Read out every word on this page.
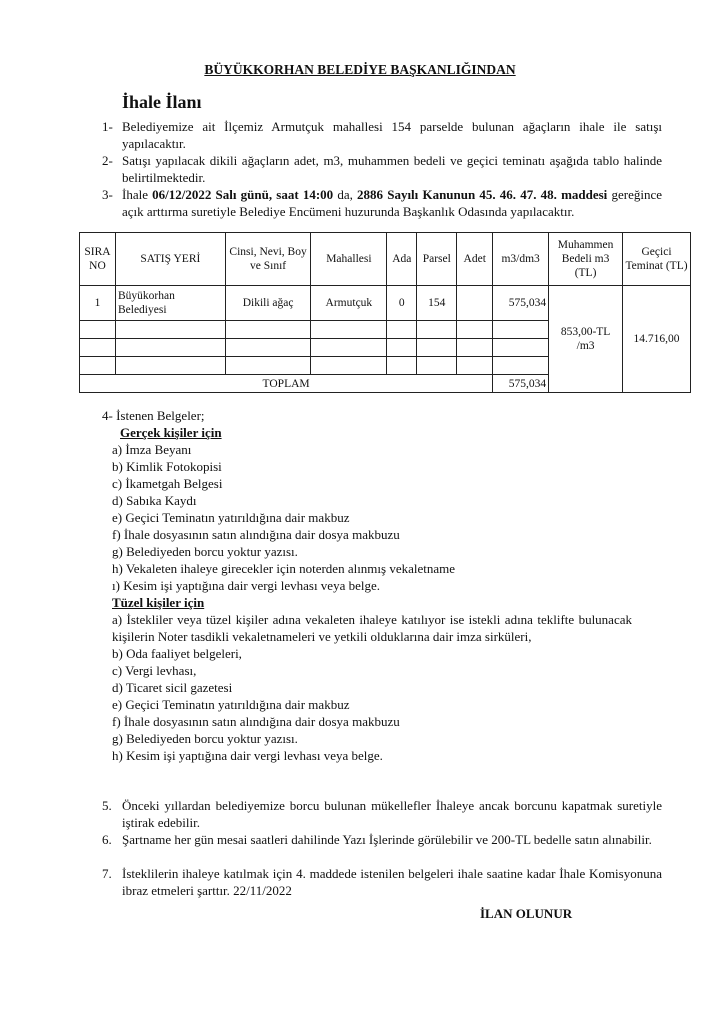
BÜYÜKKORHAN BELEDİYE BAŞKANLIĞINDAN
İhale İlanı
1- Belediyemize ait İlçemiz Armutçuk mahallesi 154 parselde bulunan ağaçların ihale ile satışı yapılacaktır.
2- Satışı yapılacak dikili ağaçların adet, m3, muhammen bedeli ve geçici teminatı aşağıda tablo halinde belirtilmektedir.
3- İhale 06/12/2022 Salı günü, saat 14:00 da, 2886 Sayılı Kanunun 45. 46. 47. 48. maddesi gereğince açık arttırma suretiyle Belediye Encümeni huzurunda Başkanlık Odasında yapılacaktır.
SIRA NO	SATIŞ YERİ	Cinsi, Nevi, Boy ve Sınıf	Mahallesi	Ada	Parsel	Adet	m3/dm3	Muhammen Bedeli m3 (TL)	Geçici Teminat (TL)
1	Büyükorhan Belediyesi	Dikili ağaç	Armutçuk	0	154		575,034	853,00-TL /m3	14.716,00

TOPLAM							575,034		
4- İstenen Belgeler;
Gerçek kişiler için
a) İmza Beyanı
b) Kimlik Fotokopisi
c) İkametgah Belgesi
d) Sabıka Kaydı
e) Geçici Teminatın yatırıldığına dair makbuz
f) İhale dosyasının satın alındığına dair dosya makbuzu
g) Belediyeden borcu yoktur yazısı.
h) Vekaleten ihaleye girecekler için noterden alınmış vekaletname
ı) Kesim işi yaptığına dair vergi levhası veya belge.
Tüzel kişiler için
a) İstekliler veya tüzel kişiler adına vekaleten ihaleye katılıyor ise istekli adına teklifte bulunacak kişilerin Noter tasdikli vekaletnameleri ve yetkili olduklarına dair imza sirküleri,
b) Oda faaliyet belgeleri,
c) Vergi levhası,
d) Ticaret sicil gazetesi
e) Geçici Teminatın yatırıldığına dair makbuz
f) İhale dosyasının satın alındığına dair dosya makbuzu
g) Belediyeden borcu yoktur yazısı.
h) Kesim işi yaptığına dair vergi levhası veya belge.
5. Önceki yıllardan belediyemize borcu bulunan mükellefler İhaleye ancak borcunu kapatmak suretiyle iştirak edebilir.
6. Şartname her gün mesai saatleri dahilinde Yazı İşlerinde görülebilir ve 200-TL bedelle satın alınabilir.
7. İsteklilerin ihaleye katılmak için 4. maddede istenilen belgeleri ihale saatine kadar İhale Komisyonuna ibraz etmeleri şarttır. 22/11/2022
İLAN OLUNUR
